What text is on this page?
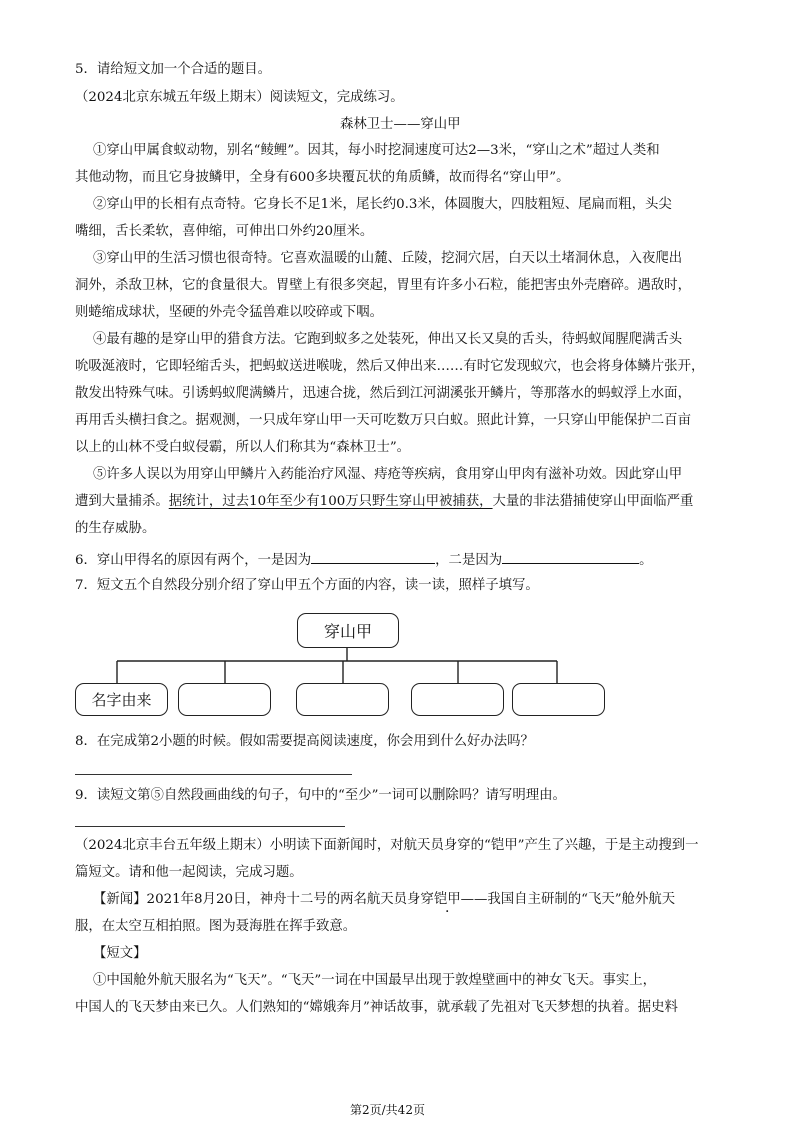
5．请给短文加一个合适的题目。
（2024北京东城五年级上期末）阅读短文，完成练习。
森林卫士——穿山甲
①穿山甲属食蚁动物，别名“鲮鲤”。因其，每小时挖洞速度可达2—3米，“穿山之术”超过人类和
其他动物，而且它身披鳞甲，全身有600多块覆瓦状的角质鳞，故而得名“穿山甲”。
②穿山甲的长相有点奇特。它身长不足1米，尾长约0.3米，体圆腹大，四肢粗短、尾扁而粗，头尖
嘴细，舌长柔软，喜伸缩，可伸出口外约20厘米。
③穿山甲的生活习惯也很奇特。它喜欢温暖的山麓、丘陵，挖洞穴居，白天以土堵洞休息，入夜爬出
洞外，杀敌卫林，它的食量很大。胃壁上有很多突起，胃里有许多小石粒，能把害虫外壳磨碎。遇敌时，
则蜷缩成球状，坚硬的外壳令猛兽难以咬碎或下咽。
④最有趣的是穿山甲的猎食方法。它跑到蚁多之处装死，伸出又长又臭的舌头，待蚂蚁闻腥爬满舌头
吮吸涎液时，它即轻缩舌头，把蚂蚁送进喉咙，然后又伸出来……有时它发现蚁穴，也会将身体鳞片张开，
散发出特殊气味。引诱蚂蚁爬满鳞片，迅速合拢，然后到江河湖溪张开鳞片，等那落水的蚂蚁浮上水面，
再用舌头横扫食之。据观测，一只成年穿山甲一天可吃数万只白蚁。照此计算，一只穿山甲能保护二百亩
以上的山林不受白蚁侵霸，所以人们称其为“森林卫士”。
⑤许多人误以为用穿山甲鳞片入药能治疗风湿、痔疮等疾病，食用穿山甲肉有滋补功效。因此穿山甲
遭到大量捕杀。据统计，过去10年至少有100万只野生穿山甲被捕获，大量的非法猎捕使穿山甲面临严重
的生存威胁。
6．穿山甲得名的原因有两个，一是因为	，二是因为	。
7．短文五个自然段分别介绍了穿山甲五个方面的内容，读一读，照样子填写。
穿山甲
名字由来
8．在完成第2小题的时候。假如需要提高阅读速度，你会用到什么好办法吗？
9．读短文第⑤自然段画曲线的句子，句中的“至少”一词可以删除吗？请写明理由。
（2024北京丰台五年级上期末）小明读下面新闻时，对航天员身穿的“铠甲”产生了兴趣，于是主动搜到一
篇短文。请和他一起阅读，完成习题。
【新闻】2021年8月20日，神舟十二号的两名航天员身穿铠甲——我国自主研制的“飞天”舱外航天
服，在太空互相拍照。图为聂海胜在挥手致意。
【短文】
①中国舱外航天服名为“飞天”。“飞天”一词在中国最早出现于敦煌壁画中的神女飞天。事实上，
中国人的飞天梦由来已久。人们熟知的“嫦娥奔月”神话故事，就承载了先祖对飞天梦想的执着。据史料
第2页/共42页
